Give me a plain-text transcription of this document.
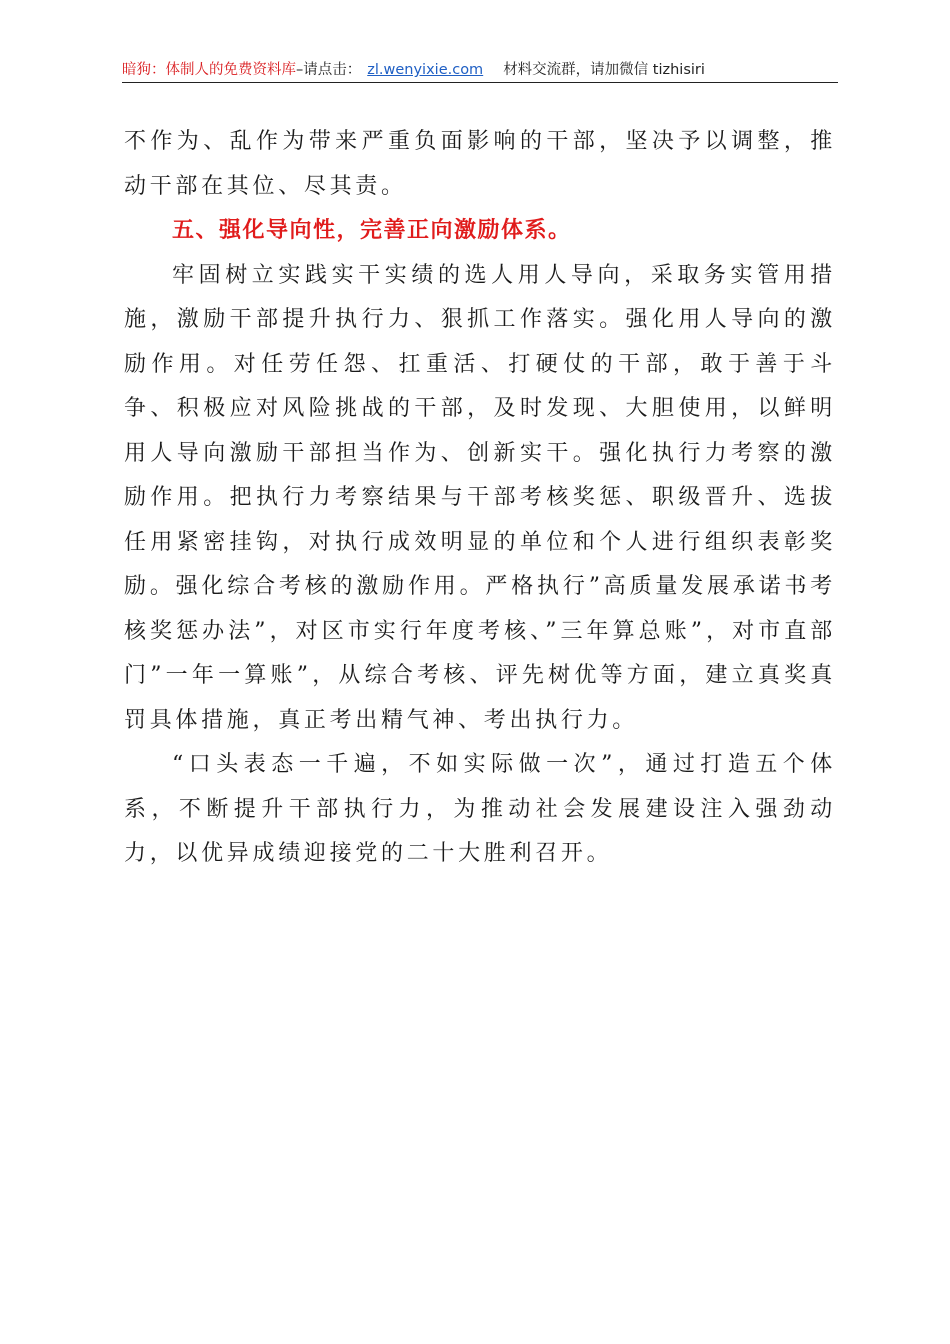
暗狗：体制人的免费资料库–请点击： zl.wenyixie.com 材料交流群，请加微信 tizhisiri

不作为、乱作为带来严重负面影响的干部，坚决予以调整，推动干部在其位、尽其责。

五、强化导向性，完善正向激励体系。

牢固树立实践实干实绩的选人用人导向，采取务实管用措施，激励干部提升执行力、狠抓工作落实。强化用人导向的激励作用。对任劳任怨、扛重活、打硬仗的干部，敢于善于斗争、积极应对风险挑战的干部，及时发现、大胆使用，以鲜明用人导向激励干部担当作为、创新实干。强化执行力考察的激励作用。把执行力考察结果与干部考核奖惩、职级晋升、选拔任用紧密挂钩，对执行成效明显的单位和个人进行组织表彰奖励。强化综合考核的激励作用。严格执行”高质量发展承诺书考核奖惩办法”，对区市实行年度考核、”三年算总账”，对市直部门”一年一算账”，从综合考核、评先树优等方面，建立真奖真罚具体措施，真正考出精气神、考出执行力。

“口头表态一千遍，不如实际做一次”，通过打造五个体系，不断提升干部执行力，为推动社会发展建设注入强劲动力，以优异成绩迎接党的二十大胜利召开。
